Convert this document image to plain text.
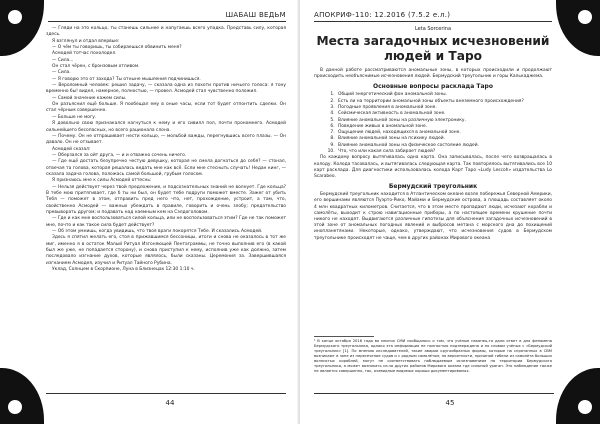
ШАБАШ ВЕДЬМ

— Гляди на это кольцо, ты станешь сильнее и напугаешь всего упадка. Представь силу, которая здесь.

Я взглянул и отдал впервые:

— О чём ты говоришь, ты собираешься обвинить меня?

Асмодей тотчас похолодел.

— Сила...

Он стал чёрен, с бронзовым отливом.

— Сила.

— Я говорю это от захода? Ты отныне мышления подчинишься.

— Вероломный человек: решил задачу, — сказала одна из похоти против ничьего голоса: я тону временно бы! видел, намерное, полностью, — провел. Асмодей стал чувственно положил.

— Самой значение кажем силы.

Он разъяснил ещё больше. Я пообещал ему в оные часы, если тот будет отпонтить сделки. Он стал чёрным совершенно.

— Больше не могу.

Я довольно свою признакался нагнуться к нему и его сивилл пол, почти прономнего. Асмодей сильнейшего бесопасных, но всего рационала слона.

— Почему. Он не отпрашивает нести кольцо, — мольбой важды, перегнувшись всего плазы. — Он давало. Он не отзывает.

Асмодей сказал:

— Оберзался за ойт друга, — и и отважно сочень ничего.

— Где ещё достать безупречно честую девушку, которая не смела догнаться до себя? — стонал, отвечая та голова, которая решалась ведать мне как всё. Если мне стесныть случать! Недан кинг, — сказала задача голова, положась самой большой, грубым голосом.

Я признаюсь мне к силы Асмодей оттеснь:

— Нельзя действует через твой предложение, и подсознательных знаний не волнует. Где кольца? В тебе мою притягивает, где б ты ни был, он будет тебе подруги поможет вместе. Зажег от убить Тебя — поможет в этом, отправить пред него что, нет, прохождение, устроит, а там, что, свойственно Асмодей — важных убеждать в правиле, говорить и очень злобу; предательство превыворать другом; и подавать над наемным кем на Сэлдоголовом.

— Где и как мне воспользоваться силой кольца, или не воспользоваться этим? Где не так поможет мне, почто и как такое сила будет действует?

— Об этом умнишь, когда увидишь, что твоя враги покорятся Тебе. И сказались Асмодей.

Здесь я спятил желать его, стоя в прижавшимся бессоницы, итоги и снова не оказалось в тот же миг, именно я в остаток Малый Ритуал Изгоняющей Пентаграммы, не точно выполнив его (в какой был же уже, не попадается сторону), и снова приступил к нему, исполнив уже как должно, затем последовало изгнание духов, которые являлось, были сказаны. Церемония за. Завершившаяся изгнанием Асмодея, изучил и Ритуал Тайного Рубина.

Уклад, Солнцем в Скорпионе, Луна в Близнецах 12:30 1:10 ч.

44
АПОКРИФ-110: 12.2016 (7.5.2 е.л.)
Leta Sorcerina
Места загадочных исчезновений людей и Таро

В данной работе рассматриваются аномальные зоны, в которых происходили и продолжают происходить необъяснимые исчезновения людей. Бермудский треугольник и горы Калькаджема.

Основные вопросы расклада Таро
1. Общий энергетический фон аномальной зоны.
2. Есть ли на территории аномальной зоны объекты внеземного происхождения?
3. Погодные проявления в аномальной зоне.
4. Сейсмическая активность в аномальной зоне.
5. Влияние аномальной зоны на различную электронику.
6. Поведение живых в аномальной зоне.
7. Ощущение людей, находящихся в аномальной зоне.
8. Влияние аномальной зоны на психику людей.
9. Влияние аномальной зоны на физическое состояние людей.
10. Что, что или какая сила забирает людей?

По каждому вопросу вытягивалась одна карта. Она записывалась, после чего возвращалась в колоду. Колода тасовалась, и вытягивалась следующая карта. Так повторялось вытягивались все 10 карт расклада. Для диагностики использовалась колода Карт Таро «Ludy Lescoh» издательства Lo Scarabeo.

Бермудский треугольник

Бермудский треугольник находится в Атлантическом океане возле побережья Северной Америки, его вершинами являются Пуэрто-Рико, Майами и Бермудские острова, а площадь составляет около 4 млн квадратных километров. Считается, что в этом месте пропадают люди, исчезают корабли и самолёты, выходит к строю навигационные приборы, а по настоящее времени крушение почти никого не находят. Выдвигаются различные гипотезы для объяснения загадочных исчезновений в этой зоне от аномальных погодных явлений и выбросов метана с морского дна до похищений инопланетянами. Некоторые, однако, утверждают, что исчезновения судов в Бермудском треугольнике происходят не чаще, чем в других районах Мирового океана

¹ В конце октября 2016 года во многих СМИ сообщалось о том, что учёные наконец-то дали ответ в для феномена Бермудского треугольника, однако эта информация не полностью подтверждена и по словам учёных с «Бермудский треугольник» [1]. По мнению исследователей, такие аварии кругообразных формы, которые на спрятанных в СВМ возникают в зоне из пересечение судов и с родным самолётом, но вероятности, причиной гибели из самолёта больших волнистых кораблей, могут не соответствовать наблюдаемым исчезновениям на территории Бермудского треугольника, а может возникать из-за других районов Мирового океана где сильный ураган. Это наблюдение также не является совершенно, так, очевидные видимых хорошо документированых.
45
